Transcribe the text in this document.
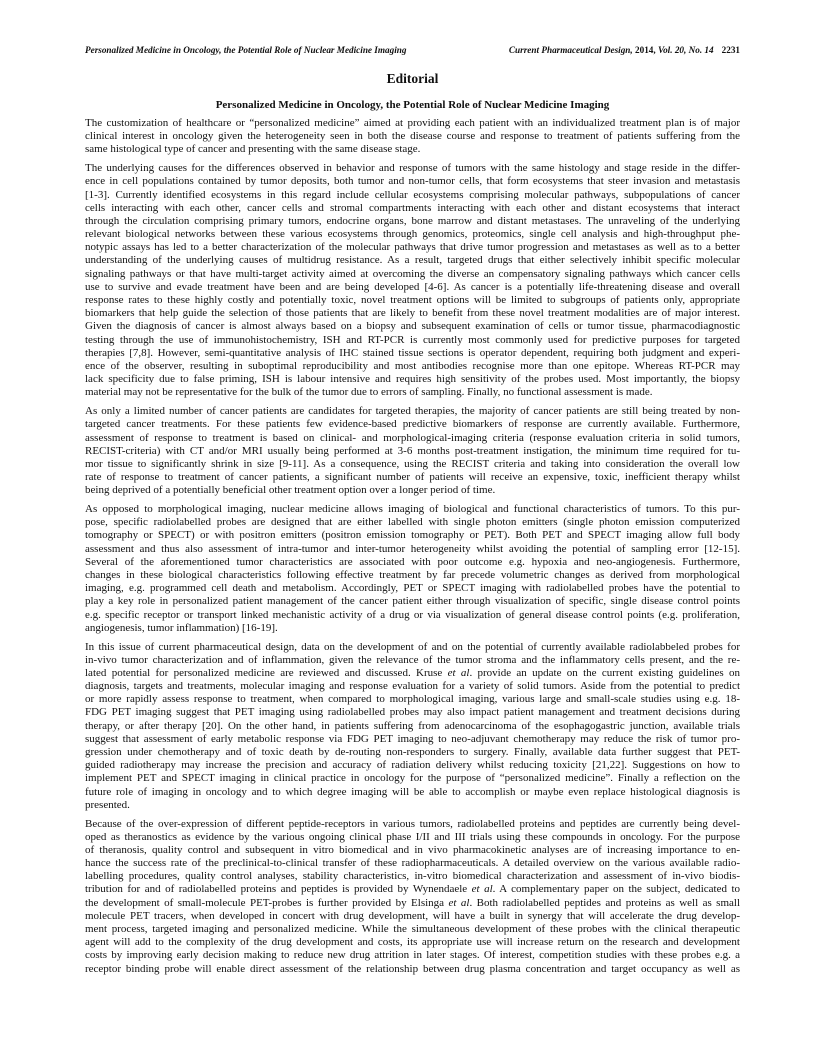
Personalized Medicine in Oncology, the Potential Role of Nuclear Medicine Imaging	Current Pharmaceutical Design, 2014, Vol. 20, No. 14 2231
Editorial
Personalized Medicine in Oncology, the Potential Role of Nuclear Medicine Imaging
The customization of healthcare or “personalized medicine” aimed at providing each patient with an individualized treatment plan is of major
clinical interest in oncology given the heterogeneity seen in both the disease course and response to treatment of patients suffering from the
same histological type of cancer and presenting with the same disease stage.
The underlying causes for the differences observed in behavior and response of tumors with the same histology and stage reside in the differ-
ence in cell populations contained by tumor deposits, both tumor and non-tumor cells, that form ecosystems that steer invasion and metastasis
[1-3]. Currently identified ecosystems in this regard include cellular ecosystems comprising molecular pathways, subpopulations of cancer
cells interacting with each other, cancer cells and stromal compartments interacting with each other and distant ecosystems that interact
through the circulation comprising primary tumors, endocrine organs, bone marrow and distant metastases. The unraveling of the underlying
relevant biological networks between these various ecosystems through genomics, proteomics, single cell analysis and high-throughput phe-
notypic assays has led to a better characterization of the molecular pathways that drive tumor progression and metastases as well as to a better
understanding of the underlying causes of multidrug resistance. As a result, targeted drugs that either selectively inhibit specific molecular
signaling pathways or that have multi-target activity aimed at overcoming the diverse an compensatory signaling pathways which cancer cells
use to survive and evade treatment have been and are being developed [4-6]. As cancer is a potentially life-threatening disease and overall
response rates to these highly costly and potentially toxic, novel treatment options will be limited to subgroups of patients only, appropriate
biomarkers that help guide the selection of those patients that are likely to benefit from these novel treatment modalities are of major interest.
Given the diagnosis of cancer is almost always based on a biopsy and subsequent examination of cells or tumor tissue, pharmacodiagnostic
testing through the use of immunohistochemistry, ISH and RT-PCR is currently most commonly used for predictive purposes for targeted
therapies [7,8]. However, semi-quantitative analysis of IHC stained tissue sections is operator dependent, requiring both judgment and experi-
ence of the observer, resulting in suboptimal reproducibility and most antibodies recognise more than one epitope. Whereas RT-PCR may
lack specificity due to false priming, ISH is labour intensive and requires high sensitivity of the probes used. Most importantly, the biopsy
material may not be representative for the bulk of the tumor due to errors of sampling. Finally, no functional assessment is made.
As only a limited number of cancer patients are candidates for targeted therapies, the majority of cancer patients are still being treated by non-
targeted cancer treatments. For these patients few evidence-based predictive biomarkers of response are currently available. Furthermore,
assessment of response to treatment is based on clinical- and morphological-imaging criteria (response evaluation criteria in solid tumors,
RECIST-criteria) with CT and/or MRI usually being performed at 3-6 months post-treatment instigation, the minimum time required for tu-
mor tissue to significantly shrink in size [9-11]. As a consequence, using the RECIST criteria and taking into consideration the overall low
rate of response to treatment of cancer patients, a significant number of patients will receive an expensive, toxic, inefficient therapy whilst
being deprived of a potentially beneficial other treatment option over a longer period of time.
As opposed to morphological imaging, nuclear medicine allows imaging of biological and functional characteristics of tumors. To this pur-
pose, specific radiolabelled probes are designed that are either labelled with single photon emitters (single photon emission computerized
tomography or SPECT) or with positron emitters (positron emission tomography or PET). Both PET and SPECT imaging allow full body
assessment and thus also assessment of intra-tumor and inter-tumor heterogeneity whilst avoiding the potential of sampling error [12-15].
Several of the aforementioned tumor characteristics are associated with poor outcome e.g. hypoxia and neo-angiogenesis. Furthermore,
changes in these biological characteristics following effective treatment by far precede volumetric changes as derived from morphological
imaging, e.g. programmed cell death and metabolism. Accordingly, PET or SPECT imaging with radiolabelled probes have the potential to
play a key role in personalized patient management of the cancer patient either through visualization of specific, single disease control points
e.g. specific receptor or transport linked mechanistic activity of a drug or via visualization of general disease control points (e.g. proliferation,
angiogenesis, tumor inflammation) [16-19].
In this issue of current pharmaceutical design, data on the development of and on the potential of currently available radiolabbeled probes for
in-vivo tumor characterization and of inflammation, given the relevance of the tumor stroma and the inflammatory cells present, and the re-
lated potential for personalized medicine are reviewed and discussed. Kruse et al. provide an update on the current existing guidelines on
diagnosis, targets and treatments, molecular imaging and response evaluation for a variety of solid tumors. Aside from the potential to predict
or more rapidly assess response to treatment, when compared to morphological imaging, various large and small-scale studies using e.g. 18-
FDG PET imaging suggest that PET imaging using radiolabelled probes may also impact patient management and treatment decisions during
therapy, or after therapy [20]. On the other hand, in patients suffering from adenocarcinoma of the esophagogastric junction, available trials
suggest that assessment of early metabolic response via FDG PET imaging to neo-adjuvant chemotherapy may reduce the risk of tumor pro-
gression under chemotherapy and of toxic death by de-routing non-responders to surgery. Finally, available data further suggest that PET-
guided radiotherapy may increase the precision and accuracy of radiation delivery whilst reducing toxicity [21,22]. Suggestions on how to
implement PET and SPECT imaging in clinical practice in oncology for the purpose of “personalized medicine”. Finally a reflection on the
future role of imaging in oncology and to which degree imaging will be able to accomplish or maybe even replace histological diagnosis is
presented.
Because of the over-expression of different peptide-receptors in various tumors, radiolabelled proteins and peptides are currently being devel-
oped as theranostics as evidence by the various ongoing clinical phase I/II and III trials using these compounds in oncology. For the purpose
of theranosis, quality control and subsequent in vitro biomedical and in vivo pharmacokinetic analyses are of increasing importance to en-
hance the success rate of the preclinical-to-clinical transfer of these radiopharmaceuticals. A detailed overview on the various available radio-
labelling procedures, quality control analyses, stability characteristics, in-vitro biomedical characterization and assessment of in-vivo biodis-
tribution for and of radiolabelled proteins and peptides is provided by Wynendaele et al. A complementary paper on the subject, dedicated to
the development of small-molecule PET-probes is further provided by Elsinga et al. Both radiolabelled peptides and proteins as well as small
molecule PET tracers, when developed in concert with drug development, will have a built in synergy that will accelerate the drug develop-
ment process, targeted imaging and personalized medicine. While the simultaneous development of these probes with the clinical therapeutic
agent will add to the complexity of the drug development and costs, its appropriate use will increase return on the research and development
costs by improving early decision making to reduce new drug attrition in later stages. Of interest, competition studies with these probes e.g. a
receptor binding probe will enable direct assessment of the relationship between drug plasma concentration and target occupancy as well as
